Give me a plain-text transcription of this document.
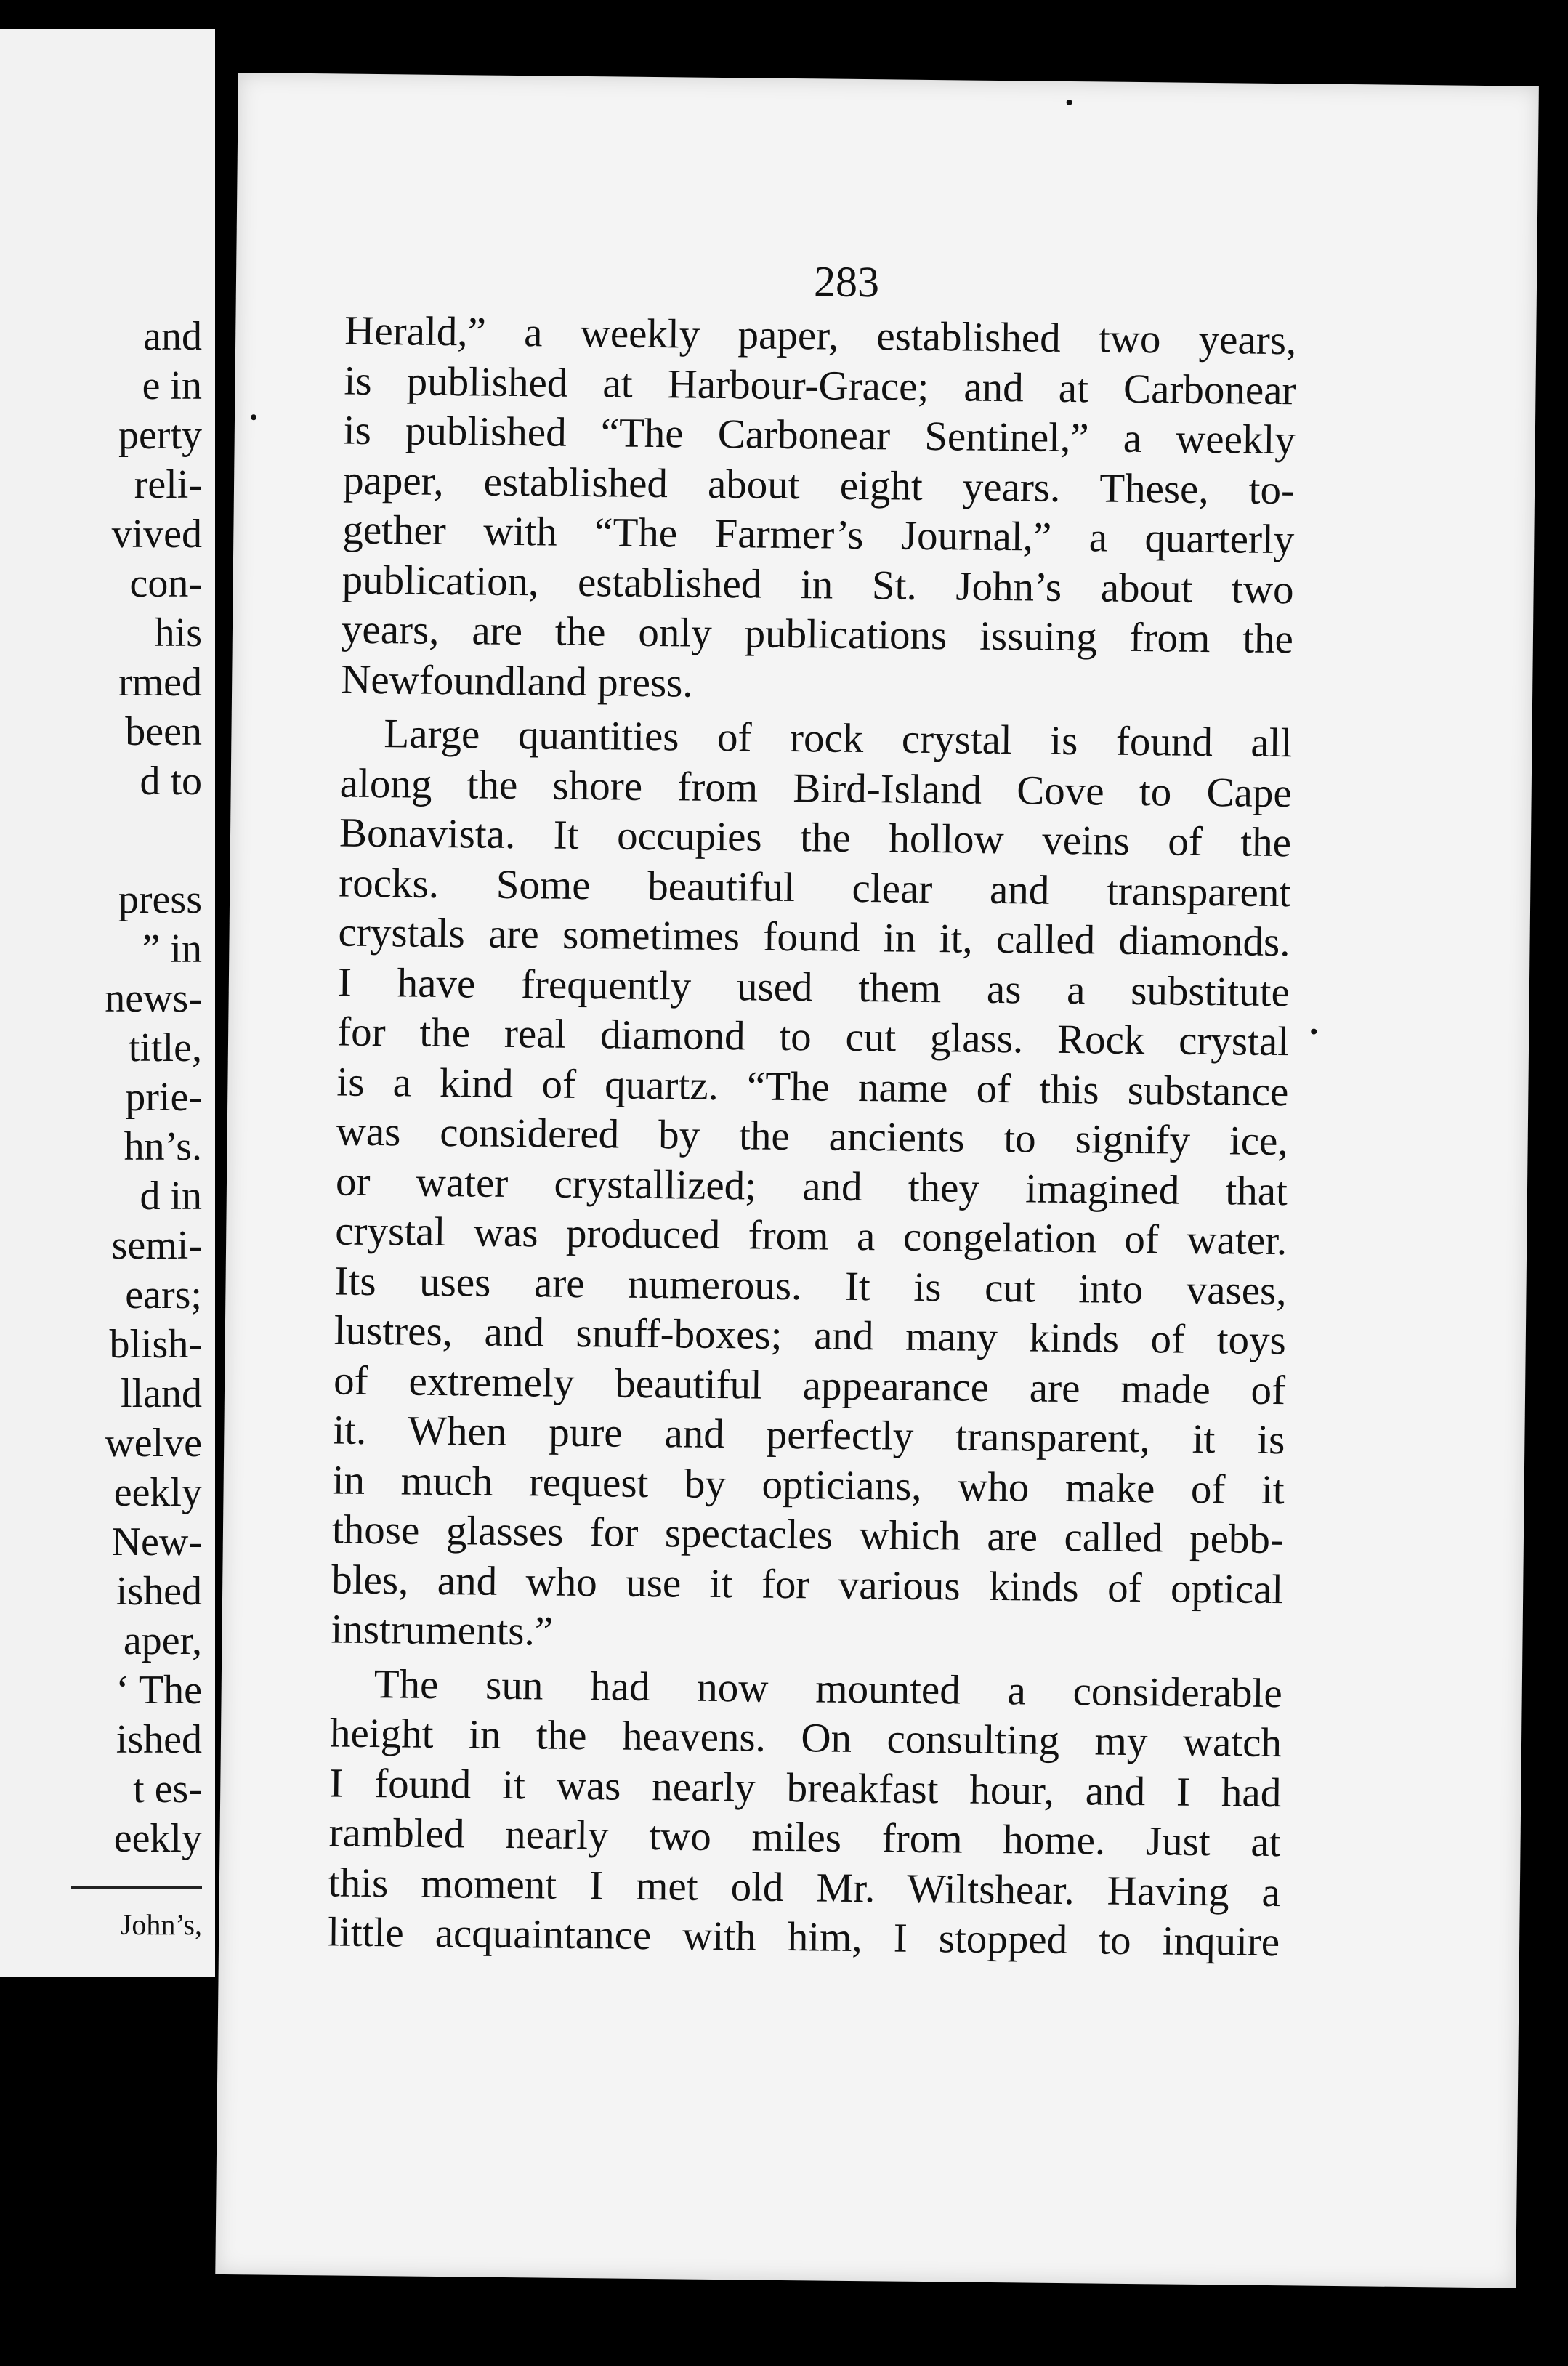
and
e in
perty
reli-
vived
con-
his
rmed
been
d to
press
” in
news-
title,
prie-
hn’s.
d in
semi-
ears;
blish-
lland
welve
eekly
New-
ished
aper,
‘ The
ished
t es-
eekly
John’s,
283
Herald,” a weekly paper, established two years,
is published at Harbour-Grace; and at Carbonear
is published “The Carbonear Sentinel,” a weekly
paper, established about eight years. These, to-
gether with “The Farmer’s Journal,” a quarterly
publication, established in St. John’s about two
years, are the only publications issuing from the
Newfoundland press.
Large quantities of rock crystal is found all
along the shore from Bird-Island Cove to Cape
Bonavista. It occupies the hollow veins of the
rocks. Some beautiful clear and transparent
crystals are sometimes found in it, called diamonds.
I have frequently used them as a substitute
for the real diamond to cut glass. Rock crystal
is a kind of quartz. “The name of this substance
was considered by the ancients to signify ice,
or water crystallized; and they imagined that
crystal was produced from a congelation of water.
Its uses are numerous. It is cut into vases,
lustres, and snuff-boxes; and many kinds of toys
of extremely beautiful appearance are made of
it. When pure and perfectly transparent, it is
in much request by opticians, who make of it
those glasses for spectacles which are called pebb-
bles, and who use it for various kinds of optical
instruments.”
The sun had now mounted a considerable
height in the heavens. On consulting my watch
I found it was nearly breakfast hour, and I had
rambled nearly two miles from home. Just at
this moment I met old Mr. Wiltshear. Having a
little acquaintance with him, I stopped to inquire
